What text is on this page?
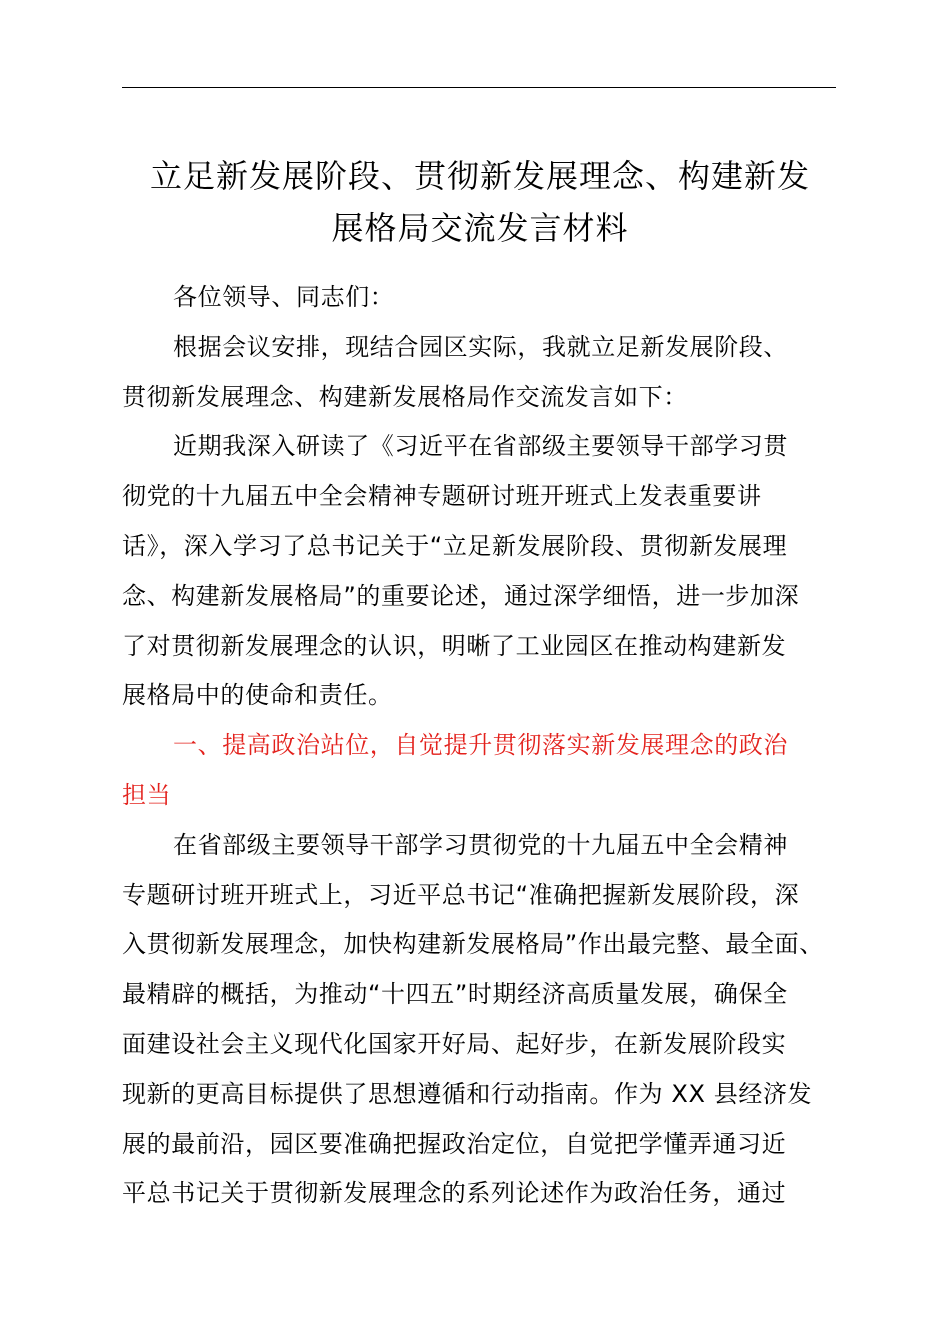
立足新发展阶段、贯彻新发展理念、构建新发
展格局交流发言材料
各位领导、同志们：
根据会议安排，现结合园区实际，我就立足新发展阶段、
贯彻新发展理念、构建新发展格局作交流发言如下：
近期我深入研读了《习近平在省部级主要领导干部学习贯
彻党的十九届五中全会精神专题研讨班开班式上发表重要讲
话》，深入学习了总书记关于“立足新发展阶段、贯彻新发展理
念、构建新发展格局”的重要论述，通过深学细悟，进一步加深
了对贯彻新发展理念的认识，明晰了工业园区在推动构建新发
展格局中的使命和责任。
一、提高政治站位，自觉提升贯彻落实新发展理念的政治
担当
在省部级主要领导干部学习贯彻党的十九届五中全会精神
专题研讨班开班式上，习近平总书记“准确把握新发展阶段，深
入贯彻新发展理念，加快构建新发展格局”作出最完整、最全面、
最精辟的概括，为推动“十四五”时期经济高质量发展，确保全
面建设社会主义现代化国家开好局、起好步，在新发展阶段实
现新的更高目标提供了思想遵循和行动指南。作为 XX 县经济发
展的最前沿，园区要准确把握政治定位，自觉把学懂弄通习近
平总书记关于贯彻新发展理念的系列论述作为政治任务，通过
